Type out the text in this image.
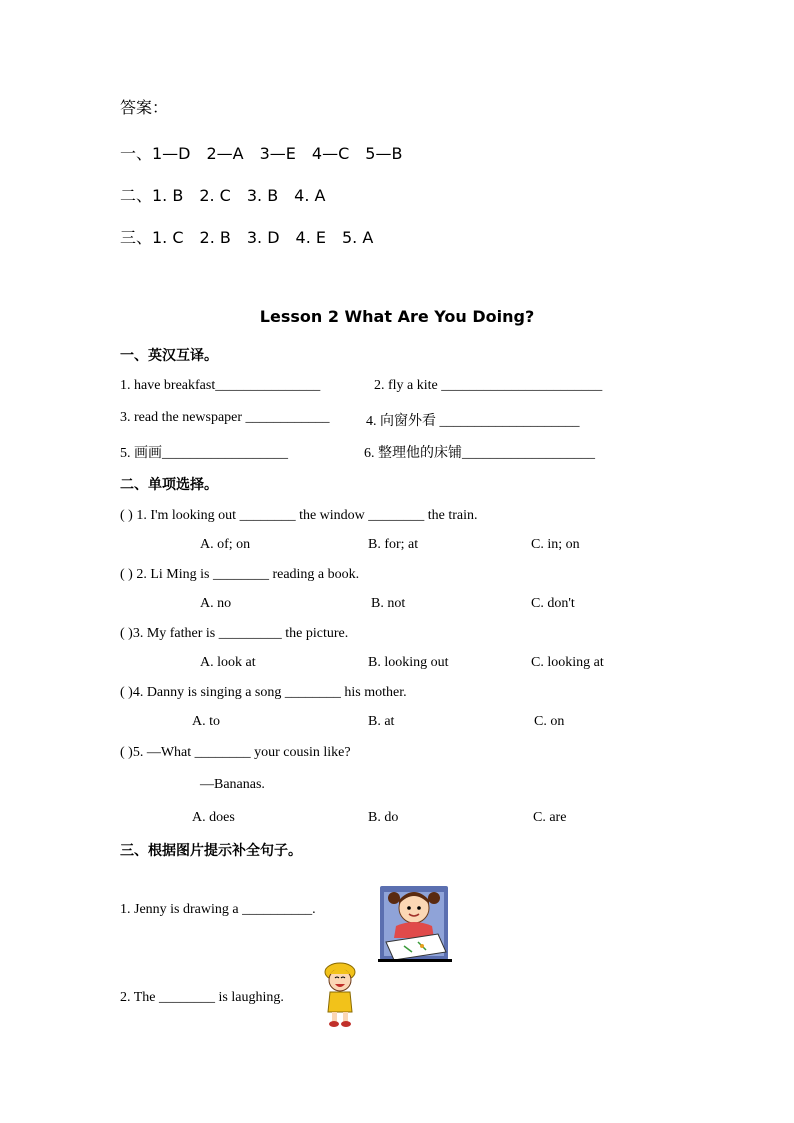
答案：
一、1—D　2—A　3—E　4—C　5—B
二、1. B　2. C　3. B　4. A
三、1. C　2. B　3. D　4. E　5. A
Lesson 2 What Are You Doing?
一、英汉互译。
1. have breakfast_______________	2. fly a kite _______________________
3. read the newspaper ____________	4. 向窗外看 ____________________
5. 画画__________________	6. 整理他的床铺___________________
二、单项选择。
( ) 1. I'm looking out ________ the window ________ the train.
A. of; on	B. for; at	C. in; on
( ) 2. Li Ming is ________ reading a book.
A. no	B. not	C. don't
( )3. My father is _________ the picture.
A. look at	B. looking out	C. looking at
( )4. Danny is singing a song ________ his mother.
A. to	B. at	C. on
( )5. —What ________ your cousin like?
—Bananas.
A. does	B. do	C. are
三、根据图片提示补全句子。
1. Jenny is drawing a __________.
2. The ________ is laughing.
